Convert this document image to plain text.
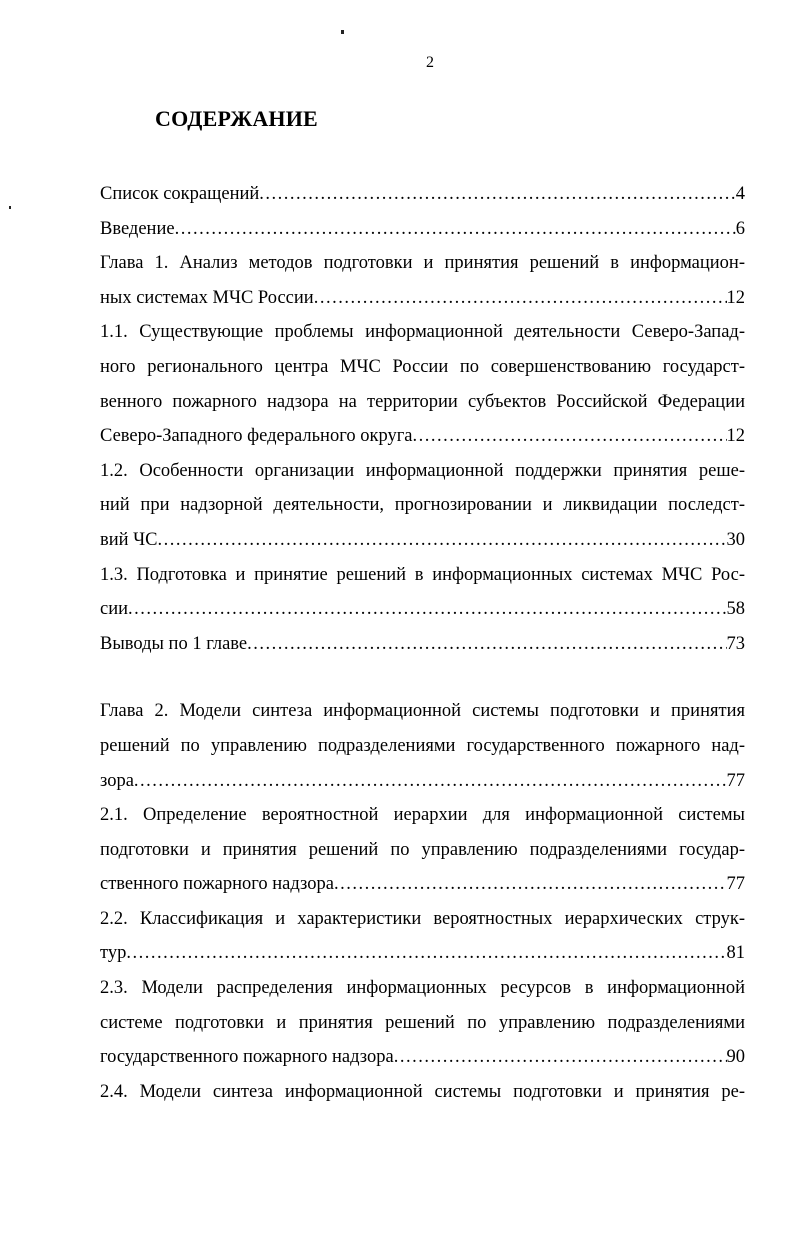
2
СОДЕРЖАНИЕ
Список сокращений .....	4
Введение .....	6
Глава 1. Анализ методов подготовки и принятия решений в информацион-
ных системах МЧС России .....	12
1.1. Существующие проблемы информационной деятельности Северо-Запад-
ного регионального центра МЧС России по совершенствованию государст-
венного пожарного надзора на территории субъектов Российской Федерации
Северо-Западного федерального округа .....	12
1.2. Особенности организации информационной поддержки принятия реше-
ний при надзорной деятельности, прогнозировании и ликвидации последст-
вий ЧС .....	30
1.3. Подготовка и принятие решений в информационных системах МЧС Рос-
сии .....	58
Выводы по 1 главе .....	73
Глава 2. Модели синтеза информационной системы подготовки и принятия
решений по управлению подразделениями государственного пожарного над-
зора .....	77
2.1. Определение вероятностной иерархии для информационной системы
подготовки и принятия решений по управлению подразделениями государ-
ственного пожарного надзора .....	77
2.2. Классификация и характеристики вероятностных иерархических струк-
тур .....	81
2.3. Модели распределения информационных ресурсов в информационной
системе подготовки и принятия решений по управлению подразделениями
государственного пожарного надзора .....	90
2.4. Модели синтеза информационной системы подготовки и принятия ре-
